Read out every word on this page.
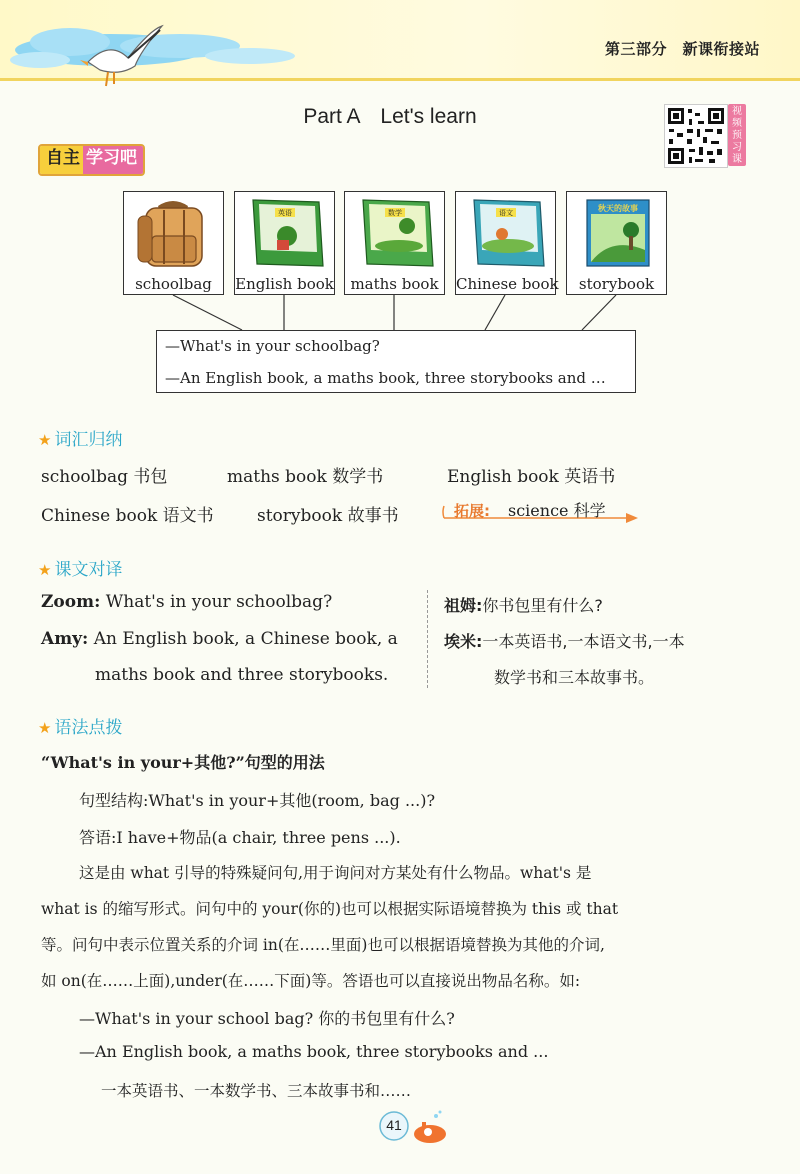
第三部分　新课衔接站
Part A　Let's learn	视
频
预
习
课
自主 学习吧
schoolbag
英语
English book
数学
maths book
语文
Chinese book
秋天的故事
storybook
—What's in your schoolbag?
—An English book, a maths book, three storybooks and …
★ 词汇归纳
schoolbag 书包	maths book 数学书	English book 英语书
Chinese book 语文书	storybook 故事书	拓展: science 科学
★ 课文对译
Zoom: What's in your schoolbag?
Amy: An English book, a Chinese book, a
maths book and three storybooks.
祖姆:你书包里有什么?
埃米:一本英语书,一本语文书,一本
数学书和三本故事书。
★ 语法点拨
“What's in your+其他?”句型的用法
句型结构:What's in your+其他(room, bag ...)?
答语:I have+物品(a chair, three pens ...).
这是由 what 引导的特殊疑问句,用于询问对方某处有什么物品。what's 是
what is 的缩写形式。问句中的 your(你的)也可以根据实际语境替换为 this 或 that
等。问句中表示位置关系的介词 in(在……里面)也可以根据语境替换为其他的介词,
如 on(在……上面),under(在……下面)等。答语也可以直接说出物品名称。如:
—What's in your school bag? 你的书包里有什么?
—An English book, a maths book, three storybooks and ...
一本英语书、一本数学书、三本故事书和……
41
